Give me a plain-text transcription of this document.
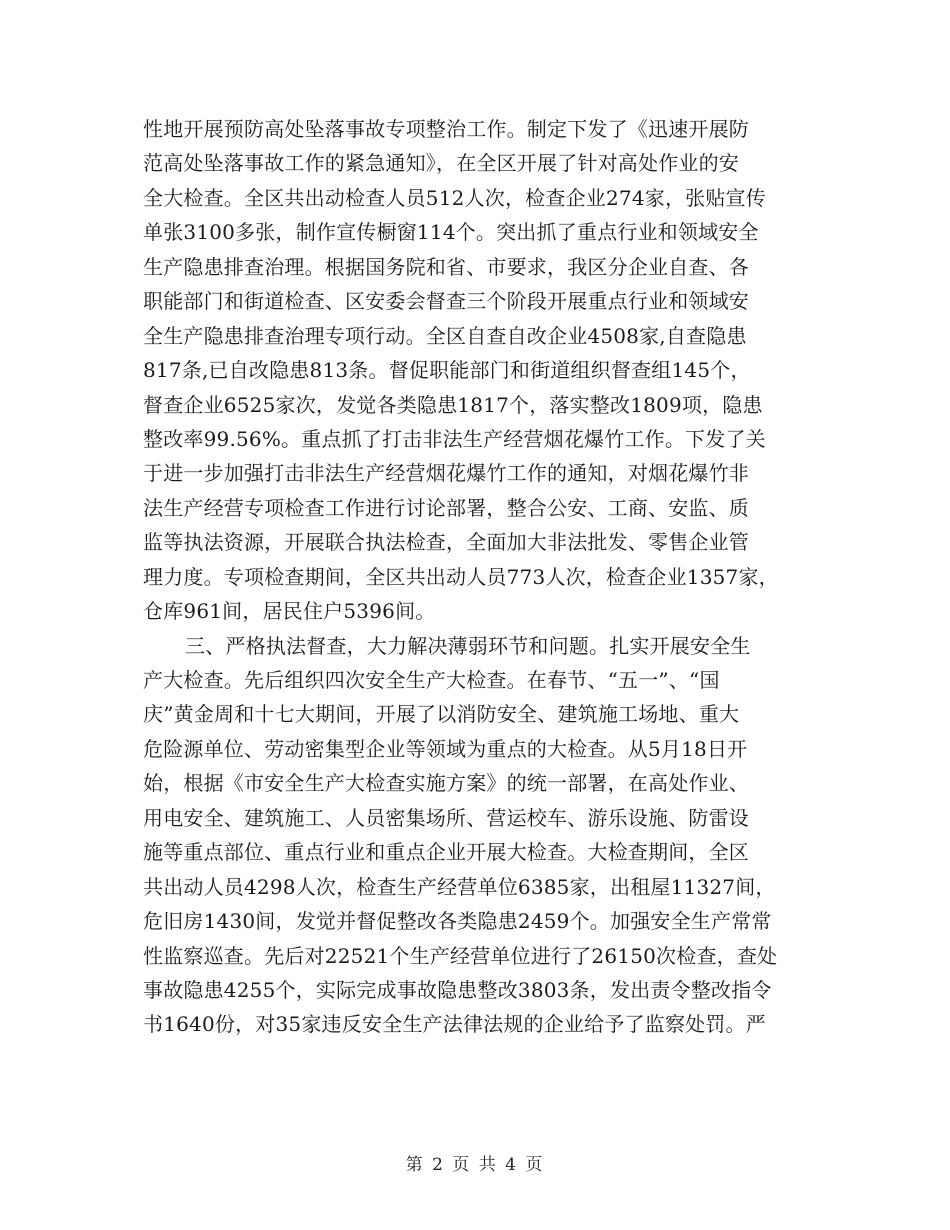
性地开展预防高处坠落事故专项整治工作。制定下发了《迅速开展防
范高处坠落事故工作的紧急通知》，在全区开展了针对高处作业的安
全大检查。全区共出动检查人员512人次，检查企业274家，张贴宣传
单张3100多张，制作宣传橱窗114个。突出抓了重点行业和领域安全
生产隐患排查治理。根据国务院和省、市要求，我区分企业自查、各
职能部门和街道检查、区安委会督查三个阶段开展重点行业和领域安
全生产隐患排查治理专项行动。全区自查自改企业4508家,自查隐患
817条,已自改隐患813条。督促职能部门和街道组织督查组145个，
督查企业6525家次，发觉各类隐患1817个，落实整改1809项，隐患
整改率99.56%。重点抓了打击非法生产经营烟花爆竹工作。下发了关
于进一步加强打击非法生产经营烟花爆竹工作的通知，对烟花爆竹非
法生产经营专项检查工作进行讨论部署，整合公安、工商、安监、质
监等执法资源，开展联合执法检查，全面加大非法批发、零售企业管
理力度。专项检查期间，全区共出动人员773人次，检查企业1357家，
仓库961间，居民住户5396间。
三、严格执法督查，大力解决薄弱环节和问题。扎实开展安全生
产大检查。先后组织四次安全生产大检查。在春节、“五一”、“国
庆”黄金周和十七大期间，开展了以消防安全、建筑施工场地、重大
危险源单位、劳动密集型企业等领域为重点的大检查。从5月18日开
始，根据《市安全生产大检查实施方案》的统一部署，在高处作业、
用电安全、建筑施工、人员密集场所、营运校车、游乐设施、防雷设
施等重点部位、重点行业和重点企业开展大检查。大检查期间，全区
共出动人员4298人次，检查生产经营单位6385家，出租屋11327间，
危旧房1430间，发觉并督促整改各类隐患2459个。加强安全生产常常
性监察巡查。先后对22521个生产经营单位进行了26150次检查，查处
事故隐患4255个，实际完成事故隐患整改3803条，发出责令整改指令
书1640份，对35家违反安全生产法律法规的企业给予了监察处罚。严
第 2 页 共 4 页
